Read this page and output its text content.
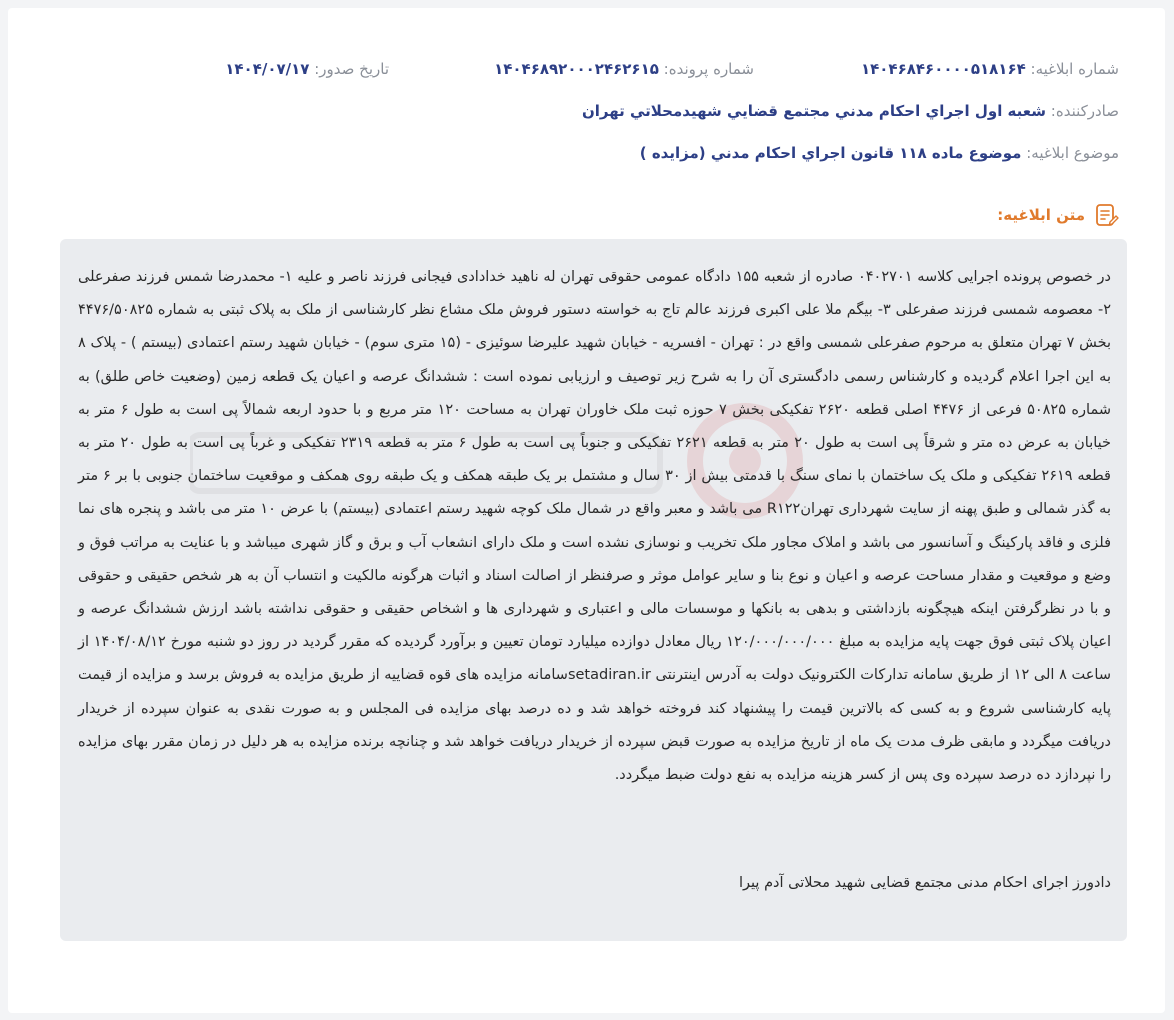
شماره ابلاغیه:

۱۴۰۴۶۸۴۶۰۰۰۰۵۱۸۱۶۴
شماره پرونده:

۱۴۰۴۶۸۹۲۰۰۰۲۴۶۲۶۱۵
تاریخ صدور:

۱۴۰۴/۰۷/۱۷
صادرکننده:

شعبه اول اجراي احكام مدني مجتمع قضايي شهيدمحلاتي تهران
موضوع ابلاغیه:

موضوع ماده ۱۱۸ قانون اجراي احكام مدني (مزايده )
متن ابلاغیه:

در خصوص پرونده اجرایی کلاسه ۰۴۰۲۷۰۱ صادره از شعبه ۱۵۵ دادگاه عمومی حقوقی تهران له ناهید خدادادی فیجانی فرزند ناصر و علیه ۱- محمدرضا شمس فرزند صفرعلی ۲- معصومه شمسی فرزند صفرعلی ۳- بیگم ملا علی اکبری فرزند عالم تاج به خواسته دستور فروش ملک مشاع نظر کارشناسی از ملک به پلاک ثبتی به شماره ۴۴۷۶/۵۰۸۲۵ بخش ۷ تهران متعلق به مرحوم صفرعلی شمسی واقع در : تهران - افسریه - خیابان شهید علیرضا سوئیزی - (۱۵ متری سوم) - خیابان شهید رستم اعتمادی (بیستم ) - پلاک ۸ به این اجرا اعلام گردیده و کارشناس رسمی دادگستری آن را به شرح زیر توصیف و ارزیابی نموده است : ششدانگ عرصه و اعیان یک قطعه زمین (وضعیت خاص طلق) به شماره ۵۰۸۲۵ فرعی از ۴۴۷۶ اصلی قطعه ۲۶۲۰ تفکیکی بخش ۷ حوزه ثبت ملک خاوران تهران به مساحت ۱۲۰ متر مربع و با حدود اربعه شمالاً پی است به طول ۶ متر به خیابان به عرض ده متر و شرقاً پی است به طول ۲۰ متر به قطعه ۲۶۲۱ تفکیکی و جنوباً پی است به طول ۶ متر به قطعه ۲۳۱۹ تفکیکی و غرباً پی است به طول ۲۰ متر به قطعه ۲۶۱۹ تفکیکی و ملک یک ساختمان با نمای سنگ با قدمتی بیش از ۳۰ سال و مشتمل بر یک طبقه همکف و یک طبقه روی همکف و موقعیت ساختمان جنوبی با بر ۶ متر به گذر شمالی و طبق پهنه از سایت شهرداری تهرانR۱۲۲ می باشد و معبر واقع در شمال ملک کوچه شهید رستم اعتمادی (بیستم) با عرض ۱۰ متر می باشد و پنجره های نما فلزی و فاقد پارکینگ و آسانسور می باشد و املاک مجاور ملک تخریب و نوسازی نشده است و ملک دارای انشعاب آب و برق و گاز شهری میباشد و با عنایت به مراتب فوق و وضع و موقعیت و مقدار مساحت عرصه و اعیان و نوع بنا و سایر عوامل موثر و صرفنظر از اصالت اسناد و اثبات هرگونه مالکیت و انتساب آن به هر شخص حقیقی و حقوقی و با در نظرگرفتن اینکه هیچگونه بازداشتی و بدهی به بانکها و موسسات مالی و اعتباری و شهرداری ها و اشخاص حقیقی و حقوقی نداشته باشد ارزش ششدانگ عرصه و اعیان پلاک ثبتی فوق جهت پایه مزایده به مبلغ ۱۲۰/۰۰۰/۰۰۰/۰۰۰ ریال معادل دوازده میلیارد تومان تعیین و برآورد گردیده که مقرر گردید در روز دو شنبه مورخ ۱۴۰۴/۰۸/۱۲ از ساعت ۸ الی ۱۲ از طریق سامانه تدارکات الکترونیک دولت به آدرس اینترنتی setadiran.irسامانه مزایده های قوه قضاییه از طریق مزایده به فروش برسد و مزایده از قیمت پایه کارشناسی شروع و به کسی که بالاترین قیمت را پیشنهاد کند فروخته خواهد شد و ده درصد بهای مزایده فی المجلس و به صورت نقدی به عنوان سپرده از خریدار دریافت میگردد و مابقی ظرف مدت یک ماه از تاریخ مزایده به صورت قبض سپرده از خریدار دریافت خواهد شد و چنانچه برنده مزایده به هر دلیل در زمان مقرر بهای مزایده را نپردازد ده درصد سپرده وی پس از کسر هزینه مزایده به نفع دولت ضبط میگردد.

دادورز اجرای احکام مدنی مجتمع قضایی شهید محلاتی آدم پیرا
